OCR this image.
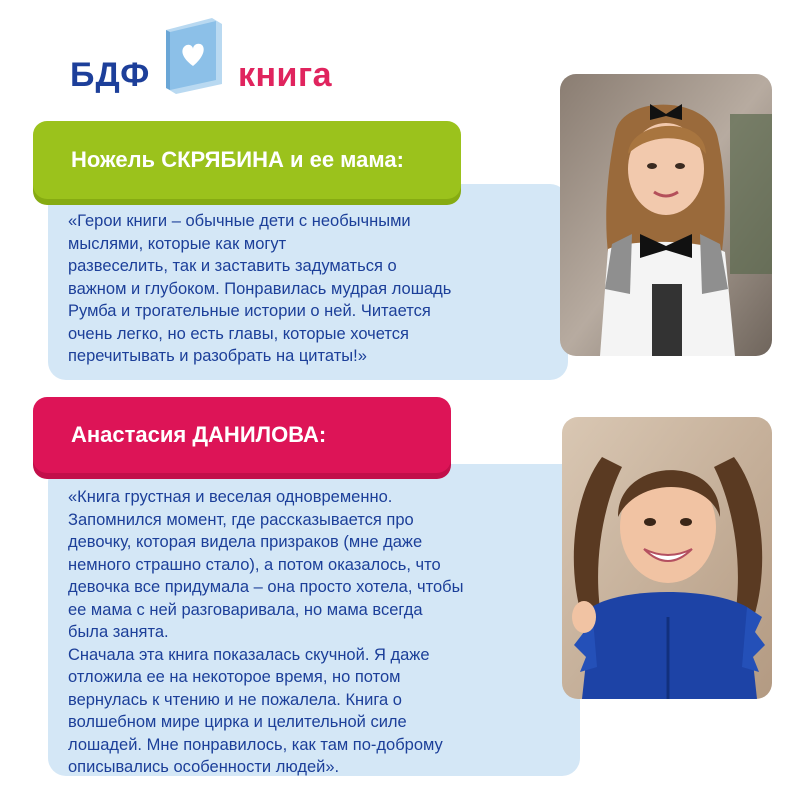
БДФ	книга
Ножель СКРЯБИНА и ее мама:

«Герои книги – обычные дети с необычными
мыслями, которые как могут
развеселить, так и заставить задуматься о
важном и глубоком. Понравилась мудрая лошадь
Румба и трогательные истории о ней. Читается
очень легко, но есть главы, которые хочется
перечитывать и разобрать на цитаты!»

Анастасия ДАНИЛОВА:

«Книга грустная и веселая одновременно.
Запомнился момент, где рассказывается про
девочку, которая видела призраков (мне даже
немного страшно стало), а потом оказалось, что
девочка все придумала – она просто хотела, чтобы
ее мама с ней разговаривала, но мама всегда
была занята.
Сначала эта книга показалась скучной. Я даже
отложила ее на некоторое время, но потом
вернулась к чтению и не пожалела. Книга о
волшебном мире цирка и целительной силе
лошадей. Мне понравилось, как там по-доброму
описывались особенности людей».
